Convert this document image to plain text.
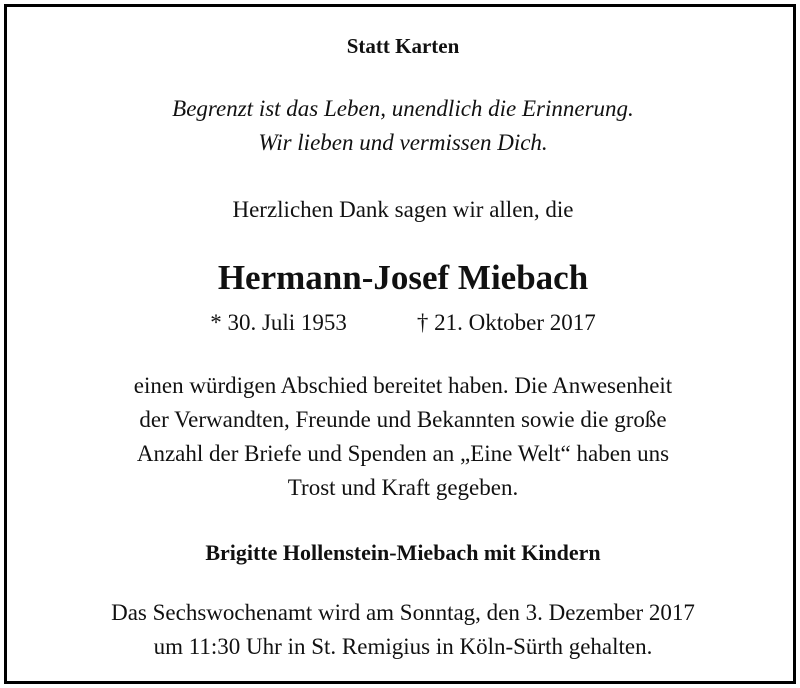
Statt Karten
Begrenzt ist das Leben, unendlich die Erinnerung.
Wir lieben und vermissen Dich.
Herzlichen Dank sagen wir allen, die
Hermann-Josef Miebach
* 30. Juli 1953	† 21. Oktober 2017
einen würdigen Abschied bereitet haben. Die Anwesenheit
der Verwandten, Freunde und Bekannten sowie die große
Anzahl der Briefe und Spenden an „Eine Welt“ haben uns
Trost und Kraft gegeben.
Brigitte Hollenstein-Miebach mit Kindern
Das Sechswochenamt wird am Sonntag, den 3. Dezember 2017
um 11:30 Uhr in St. Remigius in Köln-Sürth gehalten.
